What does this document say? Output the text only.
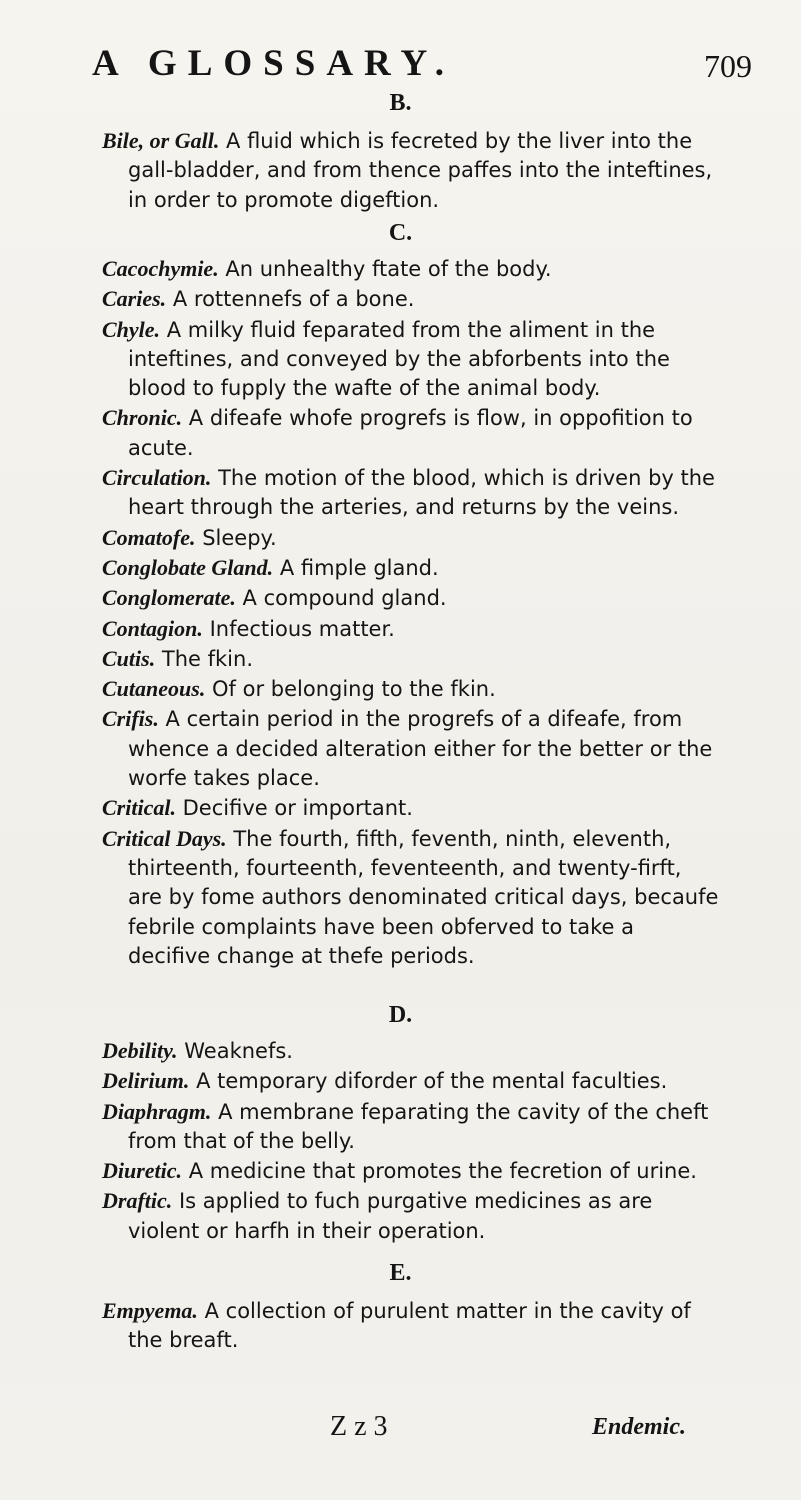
A GLOSSARY.	709
B.

Bile, or Gall. A fluid which is fecreted by the liver into the gall-bladder, and from thence paffes into the inteftines, in order to promote digeftion.

C.

Cacochymie. An unhealthy ftate of the body.

Caries. A rottennefs of a bone.

Chyle. A milky fluid feparated from the aliment in the inteftines, and conveyed by the abforbents into the blood to fupply the wafte of the animal body.

Chronic. A difeafe whofe progrefs is flow, in oppofition to acute.

Circulation. The motion of the blood, which is driven by the heart through the arteries, and returns by the veins.

Comatofe. Sleepy.

Conglobate Gland. A fimple gland.

Conglomerate. A compound gland.

Contagion. Infectious matter.

Cutis. The fkin.

Cutaneous. Of or belonging to the fkin.

Crifis. A certain period in the progrefs of a difeafe, from whence a decided alteration either for the better or the worfe takes place.

Critical. Decifive or important.

Critical Days. The fourth, fifth, feventh, ninth, eleventh, thirteenth, fourteenth, feventeenth, and twenty-firft, are by fome authors denominated critical days, becaufe febrile complaints have been obferved to take a decifive change at thefe periods.

D.

Debility. Weaknefs.

Delirium. A temporary diforder of the mental faculties.

Diaphragm. A membrane feparating the cavity of the cheft from that of the belly.

Diuretic. A medicine that promotes the fecretion of urine.

Draftic. Is applied to fuch purgative medicines as are violent or harfh in their operation.

E.

Empyema. A collection of purulent matter in the cavity of the breaft.

Z z 3	Endemic.
